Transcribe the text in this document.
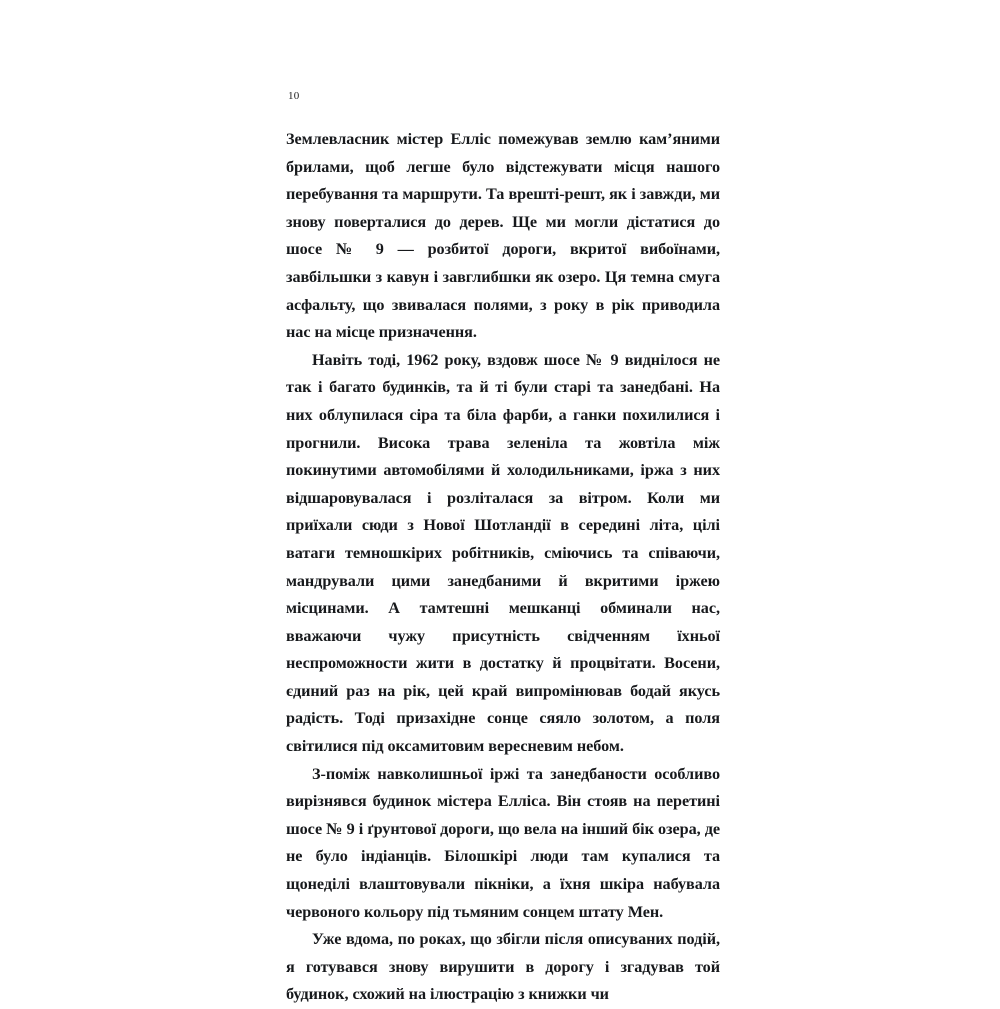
10

Землевласник містер Елліс помежував землю кам’яними брилами, щоб легше було відстежувати місця нашого перебування та маршрути. Та врешті-решт, як і завжди, ми знову поверталися до дерев. Ще ми могли дістатися до шосе № 9 — розбитої дороги, вкритої вибоїнами, завбільшки з кавун і завглибшки як озеро. Ця темна смуга асфальту, що звивалася полями, з року в рік приводила нас на місце призначення.

Навіть тоді, 1962 року, вздовж шосе № 9 виднілося не так і багато будинків, та й ті були старі та занедбані. На них облупилася сіра та біла фарби, а ганки похилилися і прогнили. Висока трава зеленіла та жовтіла між покинутими автомобілями й холодильниками, іржа з них відшаровувалася і розліталася за вітром. Коли ми приїхали сюди з Нової Шотландії в середині літа, цілі ватаги темношкірих робітників, сміючись та співаючи, мандрували цими занедбаними й вкритими іржею місцинами. А тамтешні мешканці обминали нас, вважаючи чужу присутність свідченням їхньої неспроможности жити в достатку й процвітати. Восени, єдиний раз на рік, цей край випромінював бодай якусь радість. Тоді призахідне сонце сяяло золотом, а поля світилися під оксамитовим вересневим небом.

З-поміж навколишньої іржі та занедбаности особливо вирізнявся будинок містера Елліса. Він стояв на перетині шосе № 9 і ґрунтової дороги, що вела на інший бік озера, де не було індіанців. Білошкірі люди там купалися та щонеділі влаштовували пікніки, а їхня шкіра набувала червоного кольору під тьмяним сонцем штату Мен.

Уже вдома, по роках, що збігли після описуваних подій, я готувався знову вирушити в дорогу і згадував той будинок, схожий на ілюстрацію з книжки чи
